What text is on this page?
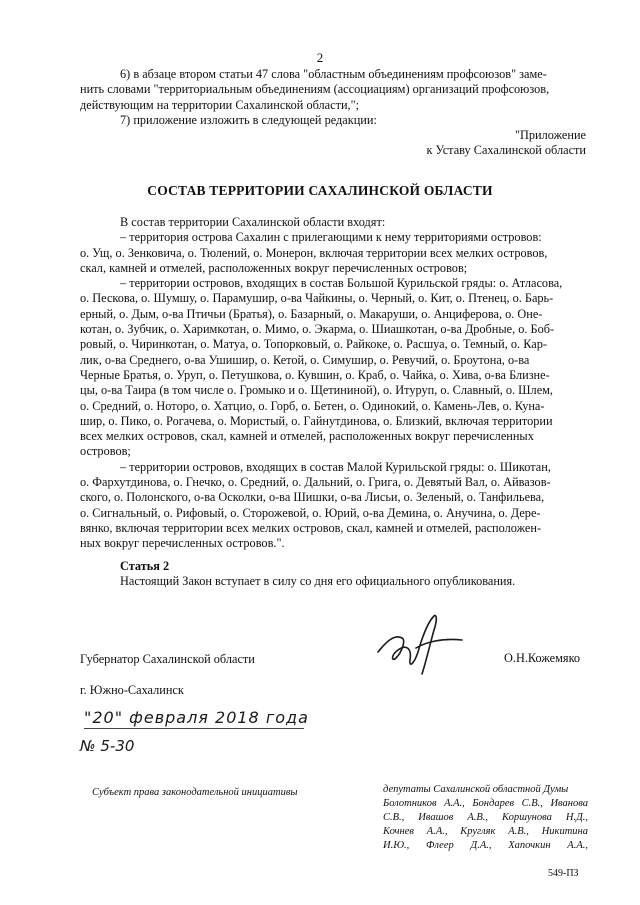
2
6) в абзаце втором статьи 47 слова "областным объединениям профсоюзов" заме-
нить словами "территориальным объединениям (ассоциациям) организаций профсоюзов,
действующим на территории Сахалинской области,";
7) приложение изложить в следующей редакции:
"Приложение
к Уставу Сахалинской области
СОСТАВ ТЕРРИТОРИИ САХАЛИНСКОЙ ОБЛАСТИ
В состав территории Сахалинской области входят:
– территория острова Сахалин с прилегающими к нему территориями островов:
о. Ущ, о. Зенковича, о. Тюлений, о. Монерон, включая территории всех мелких островов,
скал, камней и отмелей, расположенных вокруг перечисленных островов;
– территории островов, входящих в состав Большой Курильской гряды: о. Атласова,
о. Пескова, о. Шумшу, о. Парамушир, о-ва Чайкины, о. Черный, о. Кит, о. Птенец, о. Барь-
ерный, о. Дым, о-ва Птичьи (Братья), о. Базарный, о. Макаруши, о. Анциферова, о. Оне-
котан, о. Зубчик, о. Харимкотан, о. Мимо, о. Экарма, о. Шиашкотан, о-ва Дробные, о. Боб-
ровый, о. Чиринкотан, о. Матуа, о. Топорковый, о. Райкоке, о. Расшуа, о. Темный, о. Кар-
лик, о-ва Среднего, о-ва Ушишир, о. Кетой, о. Симушир, о. Ревучий, о. Броутона, о-ва
Черные Братья, о. Уруп, о. Петушкова, о. Кувшин, о. Краб, о. Чайка, о. Хива, о-ва Близне-
цы, о-ва Таира (в том числе о. Громыко и о. Щетининой), о. Итуруп, о. Славный, о. Шлем,
о. Средний, о. Нотoро, о. Хатцио, о. Горб, о. Бетен, о. Одинокий, о. Камень-Лев, о. Куна-
шир, о. Пико, о. Рогачева, о. Мористый, о. Гайнутдинова, о. Близкий, включая территории
всех мелких островов, скал, камней и отмелей, расположенных вокруг перечисленных
островов;
– территории островов, входящих в состав Малой Курильской гряды: о. Шикотан,
о. Фархутдинова, о. Гнечко, о. Средний, о. Дальний, о. Грига, о. Девятый Вал, о. Айвазов-
ского, о. Полонского, о-ва Осколки, о-ва Шишки, о-ва Лисьи, о. Зеленый, о. Танфильева,
о. Сигнальный, о. Рифовый, о. Сторожевой, о. Юрий, о-ва Демина, о. Анучина, о. Дере-
вянко, включая территории всех мелких островов, скал, камней и отмелей, расположен-
ных вокруг перечисленных островов.".
Статья 2
Настоящий Закон вступает в силу со дня его официального опубликования.
Губернатор Сахалинской области	О.Н.Кожемяко
г. Южно-Сахалинск
"20" февраля 2018 года
№ 5-30
Субъект права законодательной инициативы	депутаты Сахалинской областной Думы
Болотников А.А., Бондарев С.В., Иванова
С.В., Ивашов А.В., Коршунова Н.Д.,
Кочнев А.А., Кругляк А.В., Никитина
И.Ю., Флеер Д.А., Хапочкин А.А.,
549-ПЗ
